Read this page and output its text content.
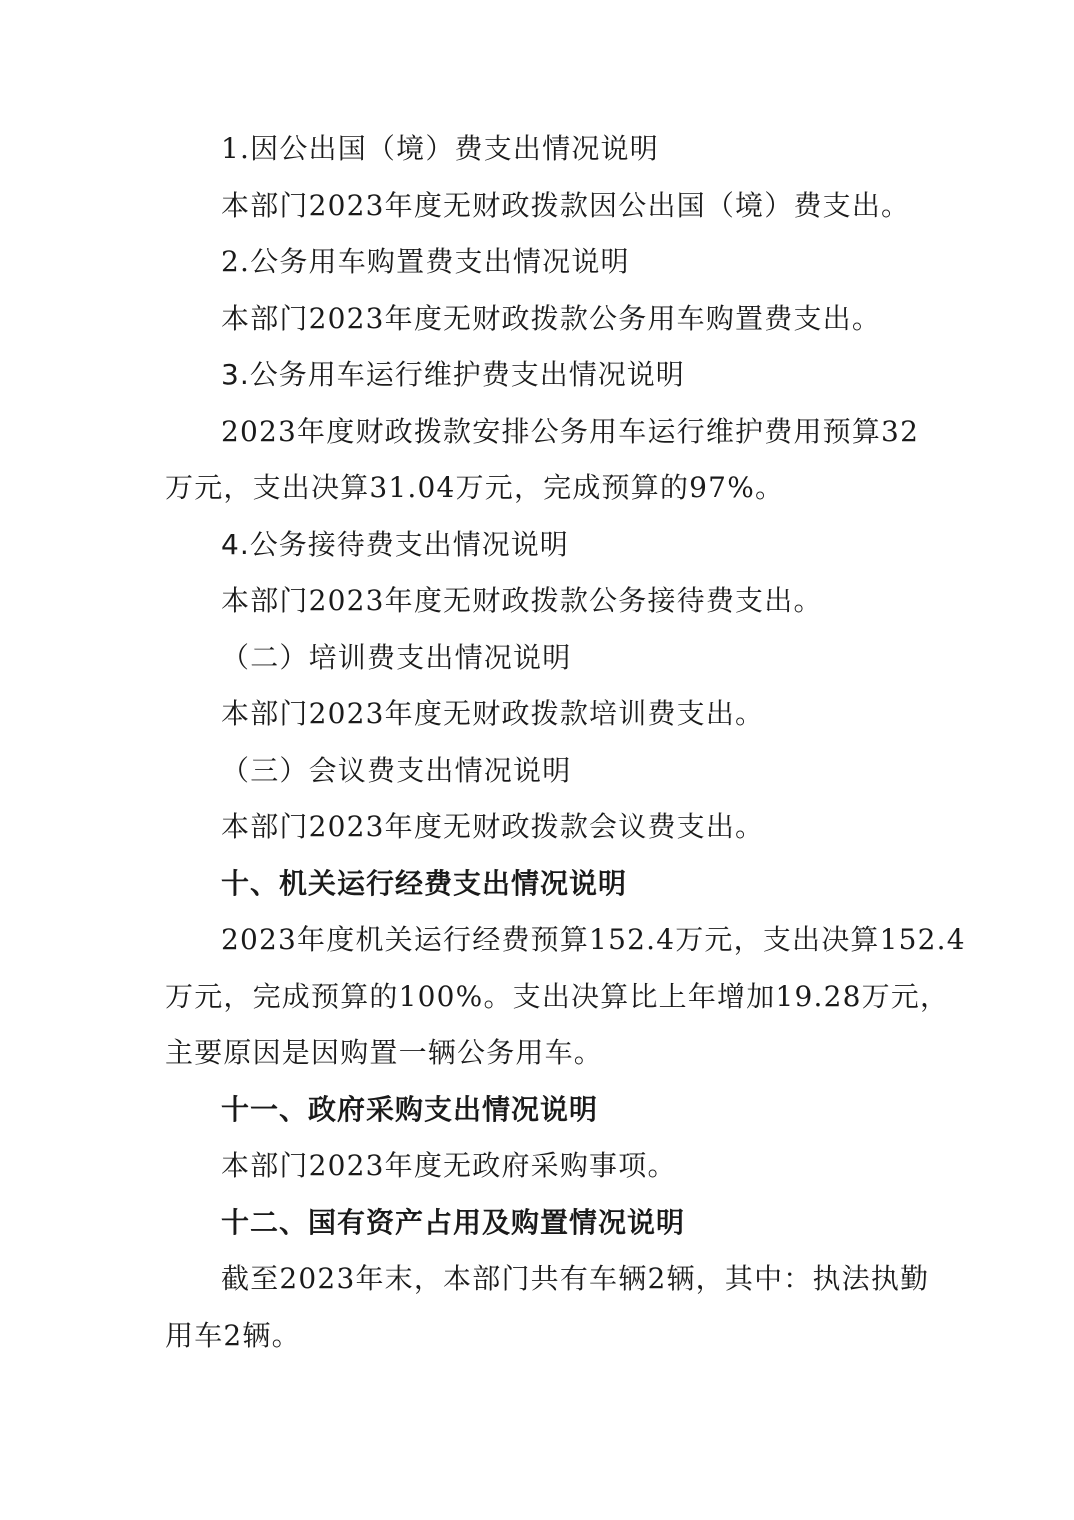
1.因公出国（境）费支出情况说明
本部门2023年度无财政拨款因公出国（境）费支出。
2.公务用车购置费支出情况说明
本部门2023年度无财政拨款公务用车购置费支出。
3.公务用车运行维护费支出情况说明
2023年度财政拨款安排公务用车运行维护费用预算32
万元，支出决算31.04万元，完成预算的97%。
4.公务接待费支出情况说明
本部门2023年度无财政拨款公务接待费支出。
（二）培训费支出情况说明
本部门2023年度无财政拨款培训费支出。
（三）会议费支出情况说明
本部门2023年度无财政拨款会议费支出。
十、机关运行经费支出情况说明
2023年度机关运行经费预算152.4万元，支出决算152.4
万元，完成预算的100%。支出决算比上年增加19.28万元，
主要原因是因购置一辆公务用车。
十一、政府采购支出情况说明
本部门2023年度无政府采购事项。
十二、国有资产占用及购置情况说明
截至2023年末，本部门共有车辆2辆，其中：执法执勤
用车2辆。
